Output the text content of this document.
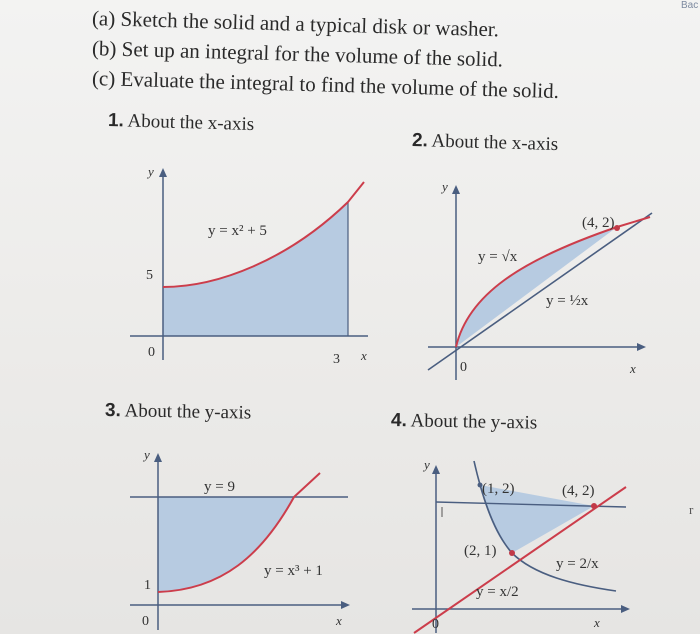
(a) Sketch the solid and a typical disk or washer.
(b) Set up an integral for the volume of the solid.
(c) Evaluate the integral to find the volume of the solid.
Bac
r
1. About the x-axis
2. About the x-axis
3. About the y-axis	4. About the y-axis
y
y = x² + 5
5
0	3 x
y
y = √x
y = ½x
(4, 2)
0	x
y
y = 9
y = x³ + 1
1
0	x
y
(1, 2)	(4, 2)
(2, 1)
y = 2/x
y = x/2
0	x
